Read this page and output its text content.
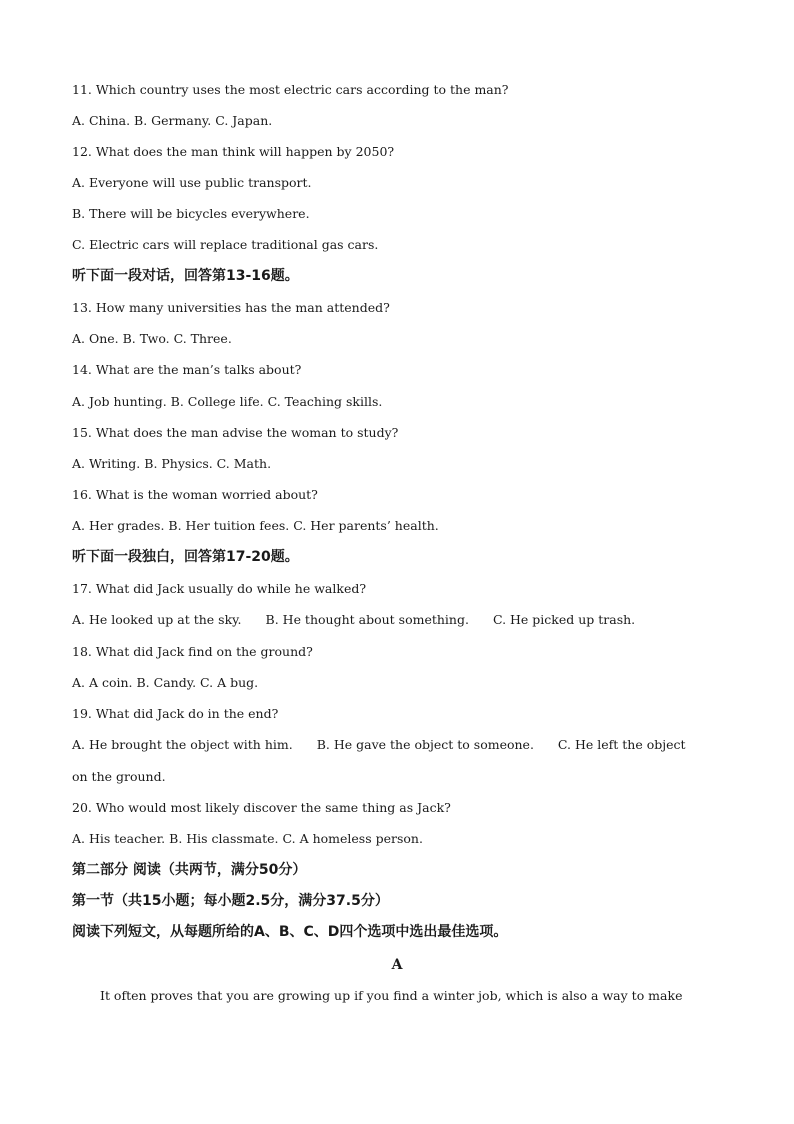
11. Which country uses the most electric cars according to the man?
A. China. B. Germany. C. Japan.
12. What does the man think will happen by 2050?
A. Everyone will use public transport.
B. There will be bicycles everywhere.
C. Electric cars will replace traditional gas cars.
听下面一段对话，回答第13-16题。
13. How many universities has the man attended?
A. One. B. Two. C. Three.
14. What are the man’s talks about?
A. Job hunting. B. College life. C. Teaching skills.
15. What does the man advise the woman to study?
A. Writing. B. Physics. C. Math.
16. What is the woman worried about?
A. Her grades. B. Her tuition fees. C. Her parents’ health.
听下面一段独白，回答第17-20题。
17. What did Jack usually do while he walked?
A. He looked up at the sky. B. He thought about something. C. He picked up trash.
18. What did Jack find on the ground?
A. A coin. B. Candy. C. A bug.
19. What did Jack do in the end?
A. He brought the object with him. B. He gave the object to someone. C. He left the object
on the ground.
20. Who would most likely discover the same thing as Jack?
A. His teacher. B. His classmate. C. A homeless person.
第二部分 阅读（共两节，满分50分）
第一节（共15小题；每小题2.5分，满分37.5分）
阅读下列短文，从每题所给的A、B、C、D四个选项中选出最佳选项。
A
It often proves that you are growing up if you find a winter job, which is also a way to make
